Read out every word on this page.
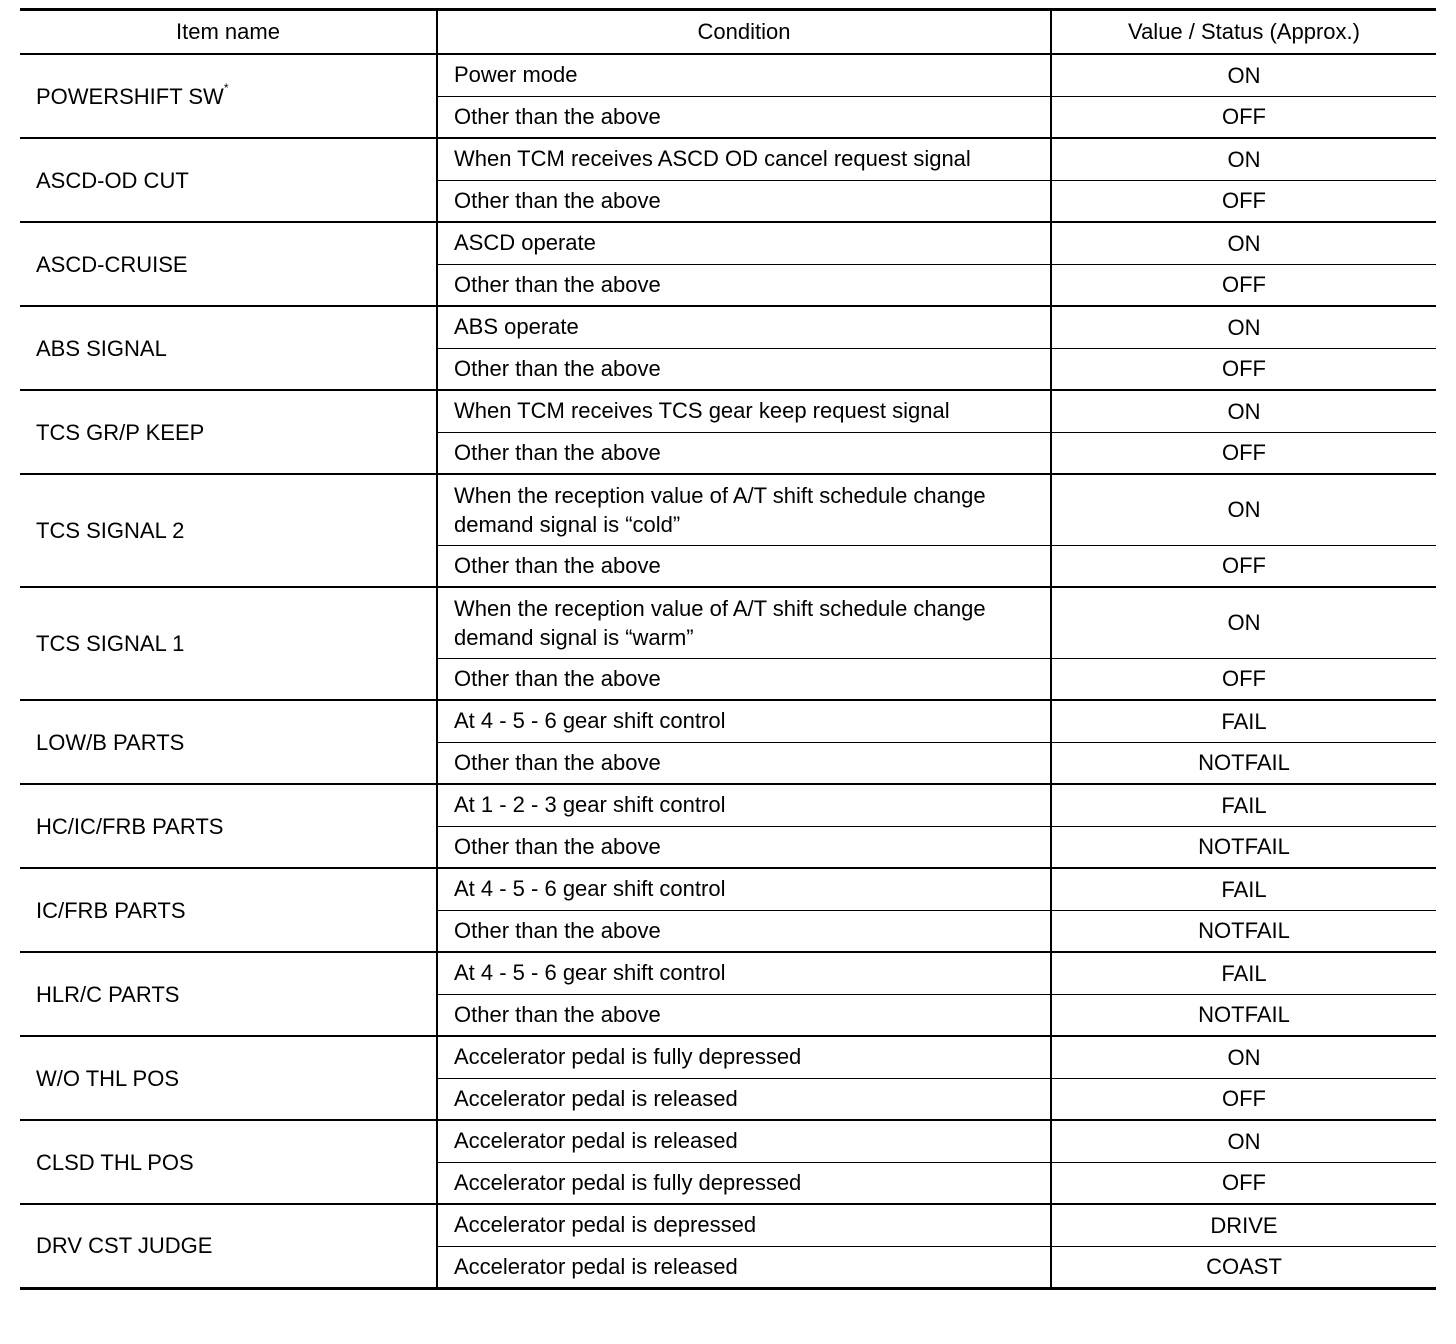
Item name	Condition	Value / Status (Approx.)
POWERSHIFT SW*	Power mode	ON
	Other than the above	OFF
ASCD-OD CUT	When TCM receives ASCD OD cancel request signal	ON
	Other than the above	OFF
ASCD-CRUISE	ASCD operate	ON
	Other than the above	OFF
ABS SIGNAL	ABS operate	ON
	Other than the above	OFF
TCS GR/P KEEP	When TCM receives TCS gear keep request signal	ON
	Other than the above	OFF
TCS SIGNAL 2	When the reception value of A/T shift schedule change demand signal is “cold”	ON
	Other than the above	OFF
TCS SIGNAL 1	When the reception value of A/T shift schedule change demand signal is “warm”	ON
	Other than the above	OFF
LOW/B PARTS	At 4 - 5 - 6 gear shift control	FAIL
	Other than the above	NOTFAIL
HC/IC/FRB PARTS	At 1 - 2 - 3 gear shift control	FAIL
	Other than the above	NOTFAIL
IC/FRB PARTS	At 4 - 5 - 6 gear shift control	FAIL
	Other than the above	NOTFAIL
HLR/C PARTS	At 4 - 5 - 6 gear shift control	FAIL
	Other than the above	NOTFAIL
W/O THL POS	Accelerator pedal is fully depressed	ON
	Accelerator pedal is released	OFF
CLSD THL POS	Accelerator pedal is released	ON
	Accelerator pedal is fully depressed	OFF
DRV CST JUDGE	Accelerator pedal is depressed	DRIVE
	Accelerator pedal is released	COAST
